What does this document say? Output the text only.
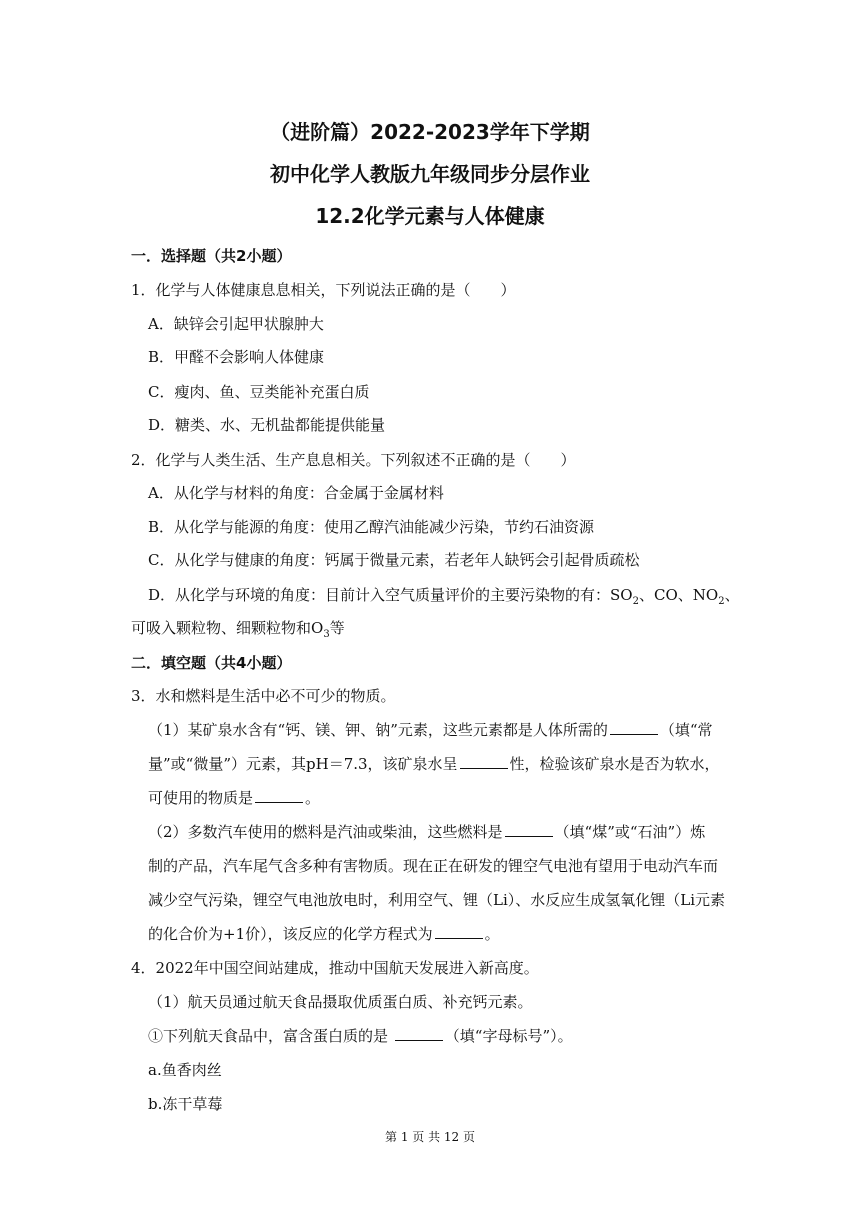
（进阶篇）2022-2023学年下学期
初中化学人教版九年级同步分层作业
12.2化学元素与人体健康
一．选择题（共2小题）
1．化学与人体健康息息相关，下列说法正确的是（　　）
A．缺锌会引起甲状腺肿大
B．甲醛不会影响人体健康
C．瘦肉、鱼、豆类能补充蛋白质
D．糖类、水、无机盐都能提供能量
2．化学与人类生活、生产息息相关。下列叙述不正确的是（　　）
A．从化学与材料的角度：合金属于金属材料
B．从化学与能源的角度：使用乙醇汽油能减少污染，节约石油资源
C．从化学与健康的角度：钙属于微量元素，若老年人缺钙会引起骨质疏松
D．从化学与环境的角度：目前计入空气质量评价的主要污染物的有：$SO_2$、CO、$NO_2$、
可吸入颗粒物、细颗粒物和$O_3$等
二．填空题（共4小题）
3．水和燃料是生活中必不可少的物质。
（1）某矿泉水含有“钙、镁、钾、钠”元素，这些元素都是人体所需的	（填“常
量”或“微量”）元素，其pH＝7.3，该矿泉水呈	性，检验该矿泉水是否为软水，
可使用的物质是	。
（2）多数汽车使用的燃料是汽油或柴油，这些燃料是	（填“煤”或“石油”）炼
制的产品，汽车尾气含多种有害物质。现在正在研发的锂空气电池有望用于电动汽车而
减少空气污染，锂空气电池放电时，利用空气、锂（Li）、水反应生成氢氧化锂（Li元素
的化合价为+1价），该反应的化学方程式为	。
4．2022年中国空间站建成，推动中国航天发展进入新高度。
（1）航天员通过航天食品摄取优质蛋白质、补充钙元素。
①下列航天食品中，富含蛋白质的是	（填“字母标号”）。
a.鱼香肉丝
b.冻干草莓
第 1 页 共 12 页
